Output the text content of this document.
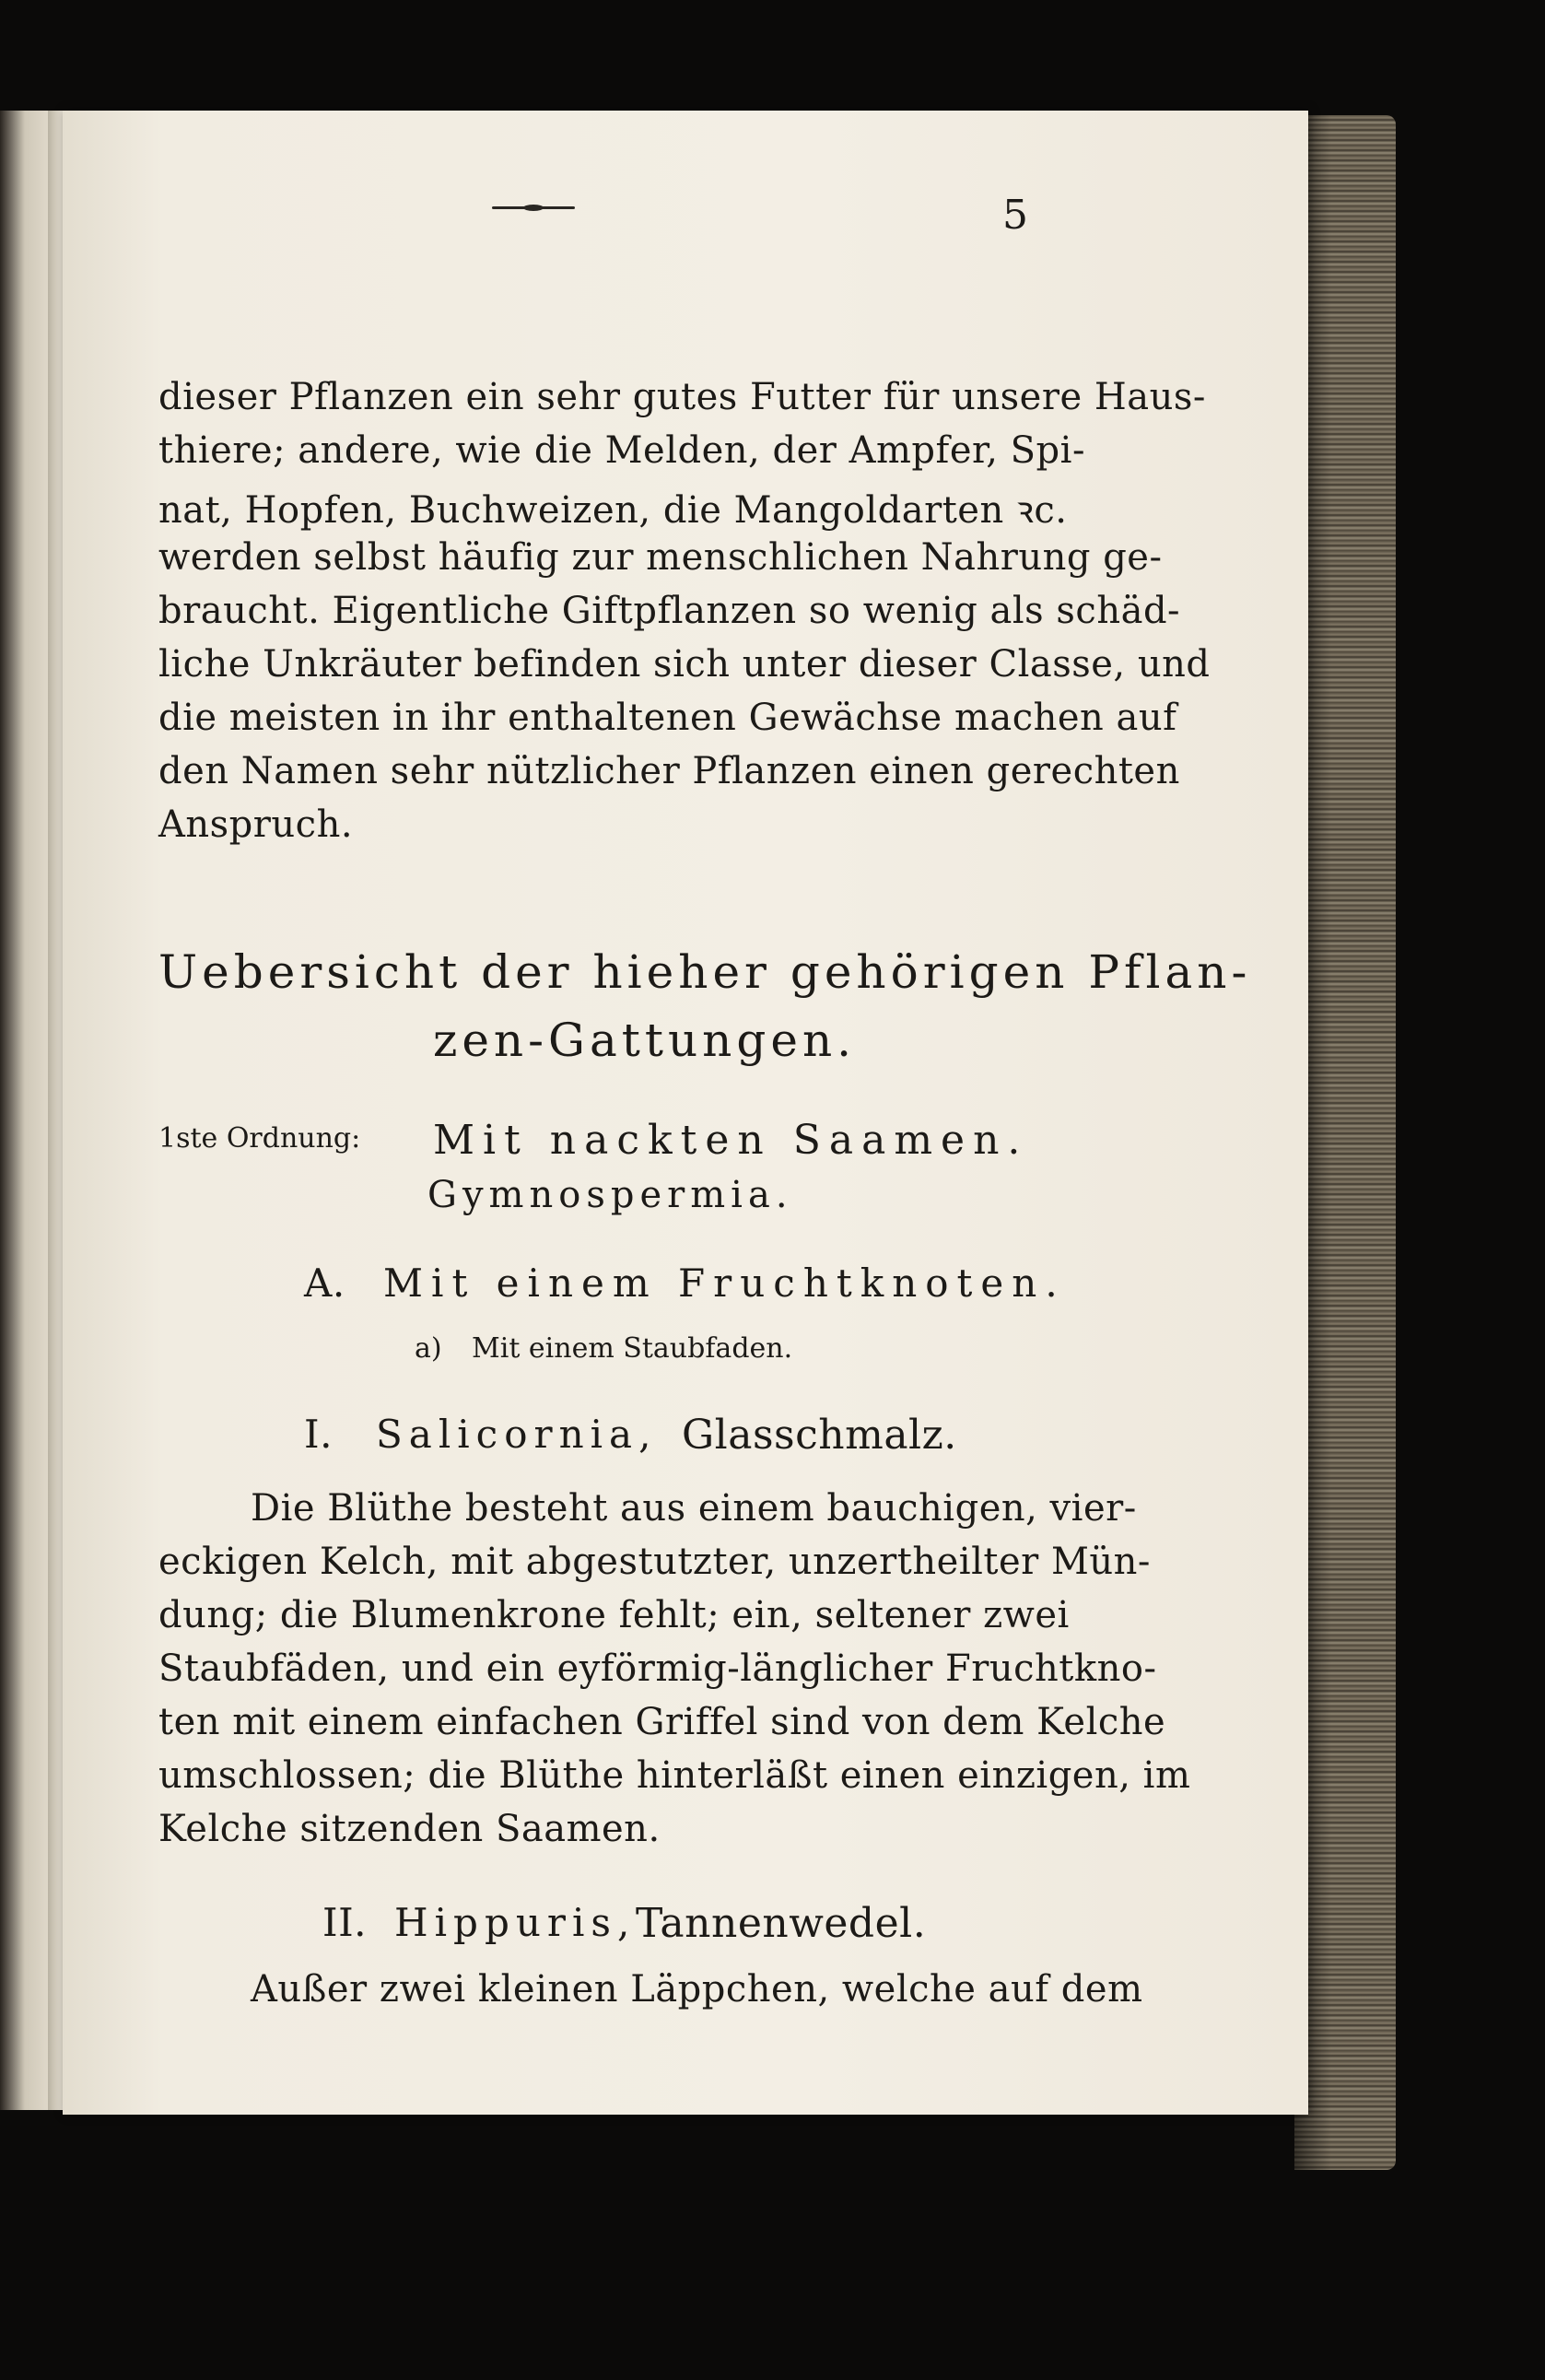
5
dieser Pflanzen ein sehr gutes Futter für unsere Haus-
thiere; andere, wie die Melden, der Ampfer, Spi-
nat, Hopfen, Buchweizen, die Mangoldarten ꝛc.
werden selbst häufig zur menschlichen Nahrung ge-
braucht. Eigentliche Giftpflanzen so wenig als schäd-
liche Unkräuter befinden sich unter dieser Classe, und
die meisten in ihr enthaltenen Gewächse machen auf
den Namen sehr nützlicher Pflanzen einen gerechten
Anspruch.
Uebersicht der hieher gehörigen Pflan-
zen-Gattungen.
1ste Ordnung: Mit nackten Saamen.
Gymnospermia.
A. Mit einem Fruchtknoten.
a) Mit einem Staubfaden.
I. Salicornia, Glasschmalz.
Die Blüthe besteht aus einem bauchigen, vier-
eckigen Kelch, mit abgestutzter, unzertheilter Mün-
dung; die Blumenkrone fehlt; ein, seltener zwei
Staubfäden, und ein eyförmig-länglicher Fruchtkno-
ten mit einem einfachen Griffel sind von dem Kelche
umschlossen; die Blüthe hinterläßt einen einzigen, im
Kelche sitzenden Saamen.
II. Hippuris, Tannenwedel.
Außer zwei kleinen Läppchen, welche auf dem
